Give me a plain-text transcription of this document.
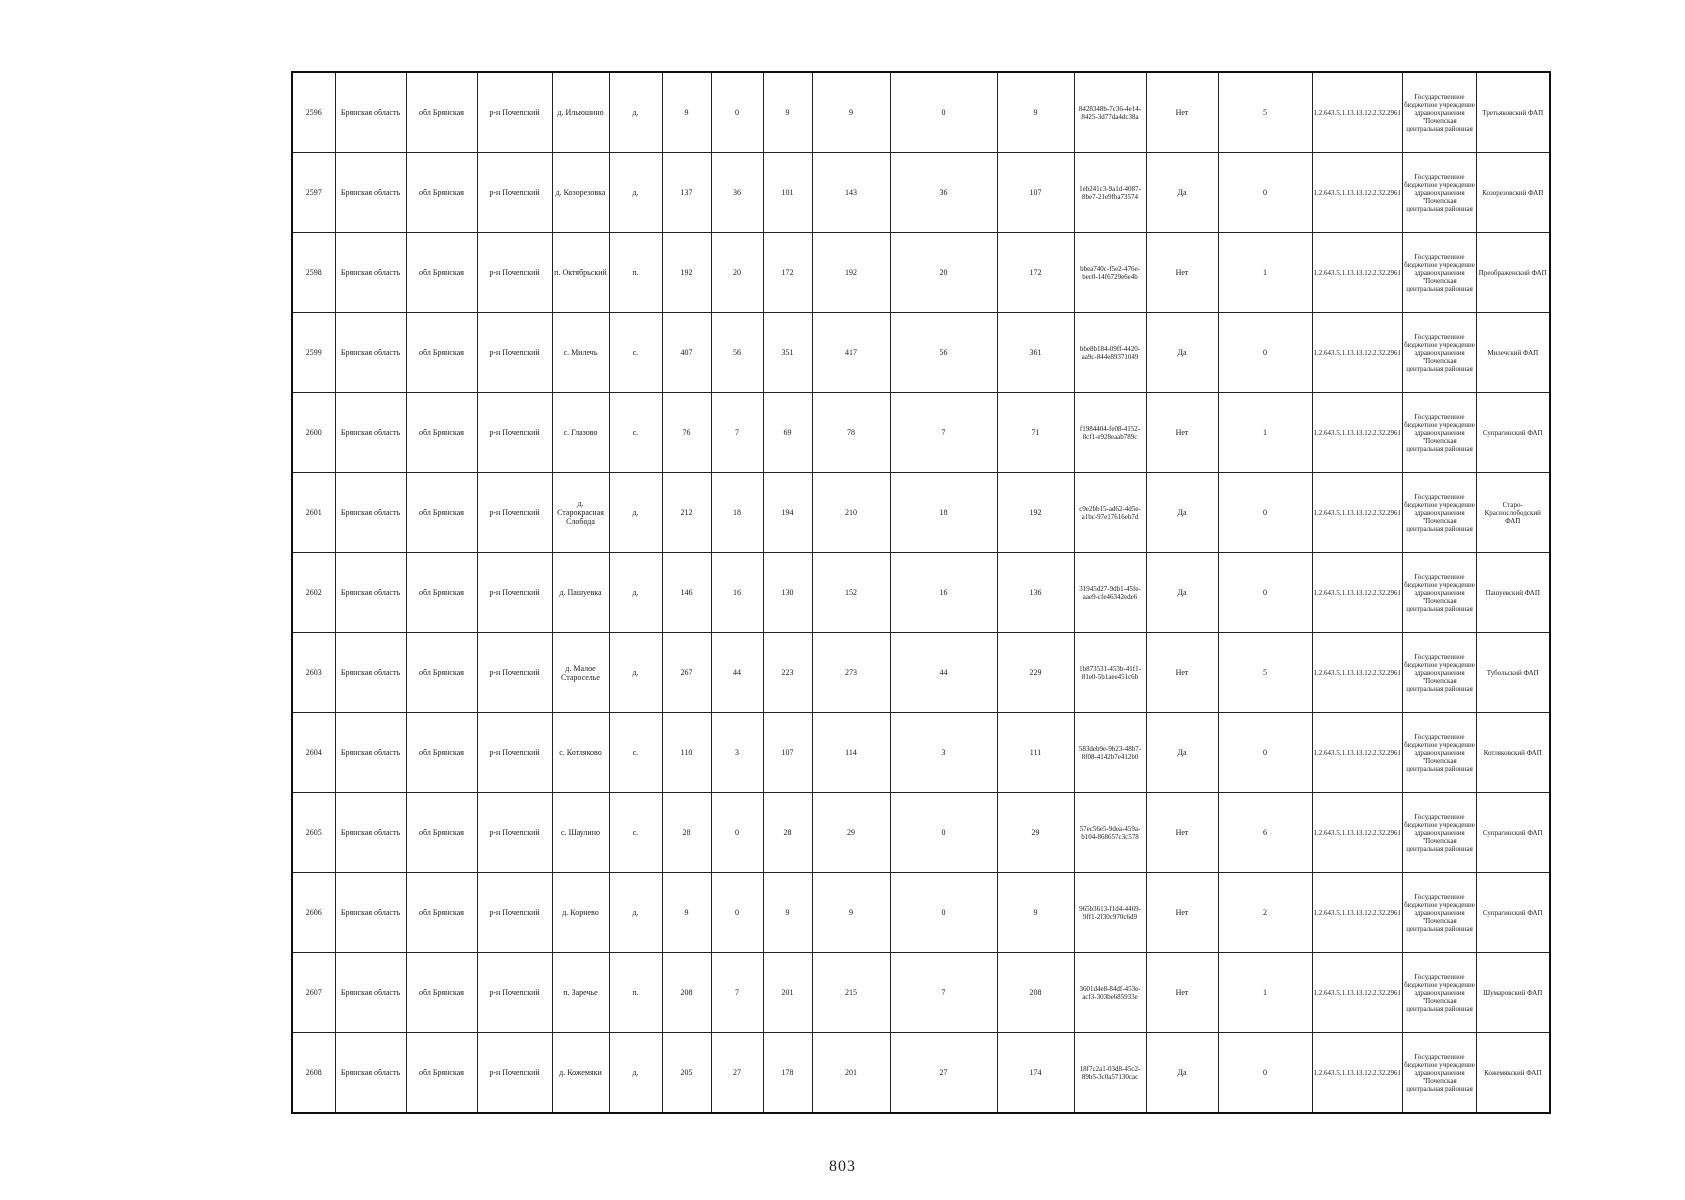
2596	Брянская область	обл Брянская	р-н Почепский	д. Ильюшино	д.	9	0	9	9	0	9	8428348b-7c36-4e14-8425-3d77da4dc38a	Нет	5	1.2.643.5.1.13.13.12.2.32.2961	Государственное бюджетное учреждение здравоохранения "Почепская центральная районная	Третьяковский ФАП
2597	Брянская область	обл Брянская	р-н Почепский	д. Козорезовка	д.	137	36	101	143	36	107	1eb241c3-9a1d-4087-8be7-21e9fba73574	Да	0	1.2.643.5.1.13.13.12.2.32.2961	Государственное бюджетное учреждение здравоохранения "Почепская центральная районная	Козорезовский ФАП
2598	Брянская область	обл Брянская	р-н Почепский	п. Октябрьский	п.	192	20	172	192	20	172	bbea740c-f5e2-476e-bec0-14f6729e6e4b	Нет	1	1.2.643.5.1.13.13.12.2.32.2961	Государственное бюджетное учреждение здравоохранения "Почепская центральная районная	Преображенский ФАП
2599	Брянская область	обл Брянская	р-н Почепский	с. Милечь	с.	407	56	351	417	56	361	bbe8b184-09ff-4420-aa9c-844e89371049	Да	0	1.2.643.5.1.13.13.12.2.32.2961	Государственное бюджетное учреждение здравоохранения "Почепская центральная районная	Милечский ФАП
2600	Брянская область	обл Брянская	р-н Почепский	с. Глазово	с.	76	7	69	78	7	71	f1984404-fe08-4152-8cf1-e928eaab789c	Нет	1	1.2.643.5.1.13.13.12.2.32.2961	Государственное бюджетное учреждение здравоохранения "Почепская центральная районная	Супрагинский ФАП
2601	Брянская область	обл Брянская	р-н Почепский	д. Старокрасная Слобода	д.	212	18	194	210	18	192	c9e2bb15-ad62-4d5e-a1bc-97e17616eb7d	Да	0	1.2.643.5.1.13.13.12.2.32.2961	Государственное бюджетное учреждение здравоохранения "Почепская центральная районная	Старо-Краснослободский ФАП
2602	Брянская область	обл Брянская	р-н Почепский	д. Пашуевка	д.	146	16	130	152	16	136	31945d27-9db1-45fe-aae9-cfe46342ede6	Да	0	1.2.643.5.1.13.13.12.2.32.2961	Государственное бюджетное учреждение здравоохранения "Почепская центральная районная	Пашуевский ФАП
2603	Брянская область	обл Брянская	р-н Почепский	д. Малое Староселье	д.	267	44	223	273	44	229	1b873531-453b-41f1-81e0-5b1aee451c6b	Нет	5	1.2.643.5.1.13.13.12.2.32.2961	Государственное бюджетное учреждение здравоохранения "Почепская центральная районная	Тубольский ФАП
2604	Брянская область	обл Брянская	р-н Почепский	с. Котляково	с.	110	3	107	114	3	111	583deb9e-9b23-48b7-8f08-4142b7e412b0	Да	0	1.2.643.5.1.13.13.12.2.32.2961	Государственное бюджетное учреждение здравоохранения "Почепская центральная районная	Котляковский ФАП
2605	Брянская область	обл Брянская	р-н Почепский	с. Шаулино	с.	28	0	28	29	0	29	57ec56e5-9dea-459a-b104-868657c3c578	Нет	6	1.2.643.5.1.13.13.12.2.32.2961	Государственное бюджетное учреждение здравоохранения "Почепская центральная районная	Супрагинский ФАП
2606	Брянская область	обл Брянская	р-н Почепский	д. Корнево	д.	9	0	9	9	0	9	965b3613-f1d4-4469-9ff1-2f30c970c6d9	Нет	2	1.2.643.5.1.13.13.12.2.32.2961	Государственное бюджетное учреждение здравоохранения "Почепская центральная районная	Супрагинский ФАП
2607	Брянская область	обл Брянская	р-н Почепский	п. Заречье	п.	208	7	201	215	7	208	3601d4e8-84df-453e-acf3-303be685933e	Нет	1	1.2.643.5.1.13.13.12.2.32.2961	Государственное бюджетное учреждение здравоохранения "Почепская центральная районная	Шумаровский ФАП
2608	Брянская область	обл Брянская	р-н Почепский	д. Кожемяки	д.	205	27	178	201	27	174	18f7c2a1-03d8-45c2-89b5-3c0a57130cac	Да	0	1.2.643.5.1.13.13.12.2.32.2961	Государственное бюджетное учреждение здравоохранения "Почепская центральная районная	Кожемякский ФАП
803
